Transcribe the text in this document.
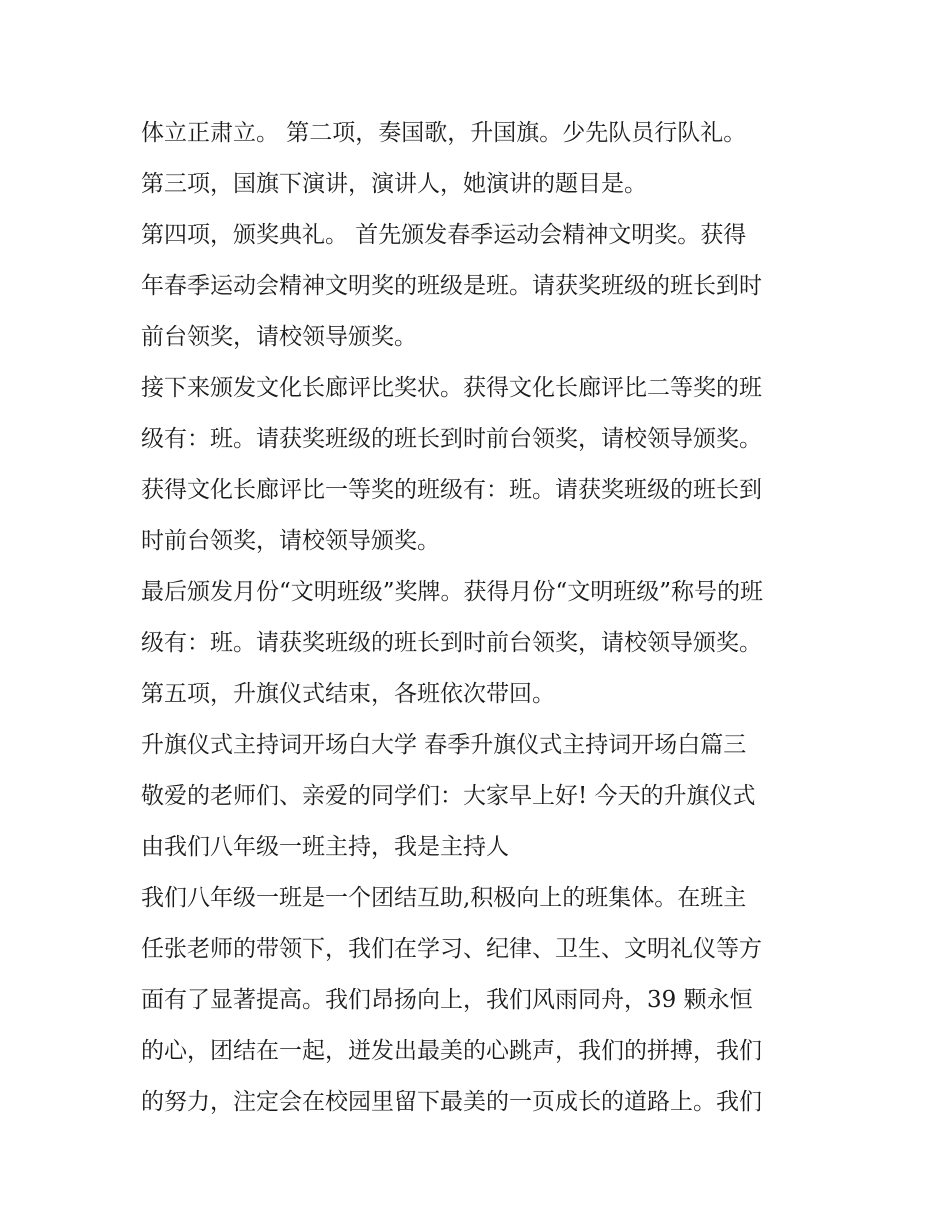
体立正肃立。 第二项，奏国歌，升国旗。少先队员行队礼。
第三项，国旗下演讲，演讲人，她演讲的题目是。
第四项，颁奖典礼。 首先颁发春季运动会精神文明奖。获得
年春季运动会精神文明奖的班级是班。请获奖班级的班长到时
前台领奖，请校领导颁奖。
接下来颁发文化长廊评比奖状。获得文化长廊评比二等奖的班
级有：班。请获奖班级的班长到时前台领奖，请校领导颁奖。
获得文化长廊评比一等奖的班级有：班。请获奖班级的班长到
时前台领奖，请校领导颁奖。
最后颁发月份“文明班级”奖牌。获得月份“文明班级”称号的班
级有：班。请获奖班级的班长到时前台领奖，请校领导颁奖。
第五项，升旗仪式结束，各班依次带回。
升旗仪式主持词开场白大学 春季升旗仪式主持词开场白篇三
敬爱的老师们、亲爱的同学们：大家早上好! 今天的升旗仪式
由我们八年级一班主持，我是主持人
我们八年级一班是一个团结互助,积极向上的班集体。在班主
任张老师的带领下，我们在学习、纪律、卫生、文明礼仪等方
面有了显著提高。我们昂扬向上，我们风雨同舟，39 颗永恒
的心，团结在一起，迸发出最美的心跳声，我们的拼搏，我们
的努力，注定会在校园里留下最美的一页成长的道路上。我们
